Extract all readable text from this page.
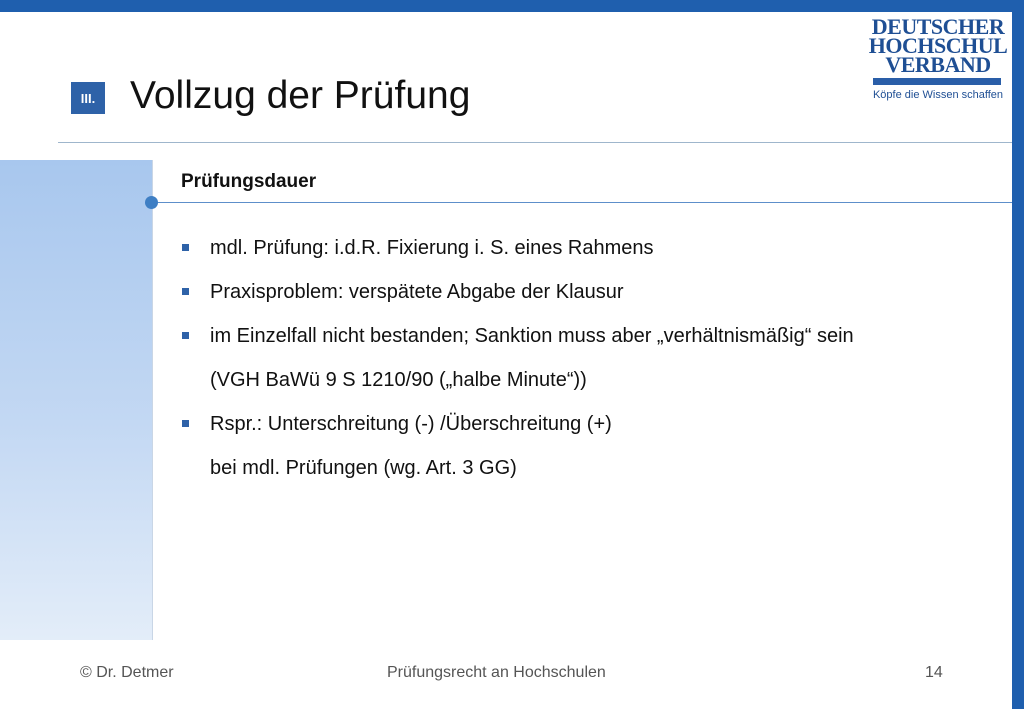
III. Vollzug der Prüfung
DEUTSCHER
HOCHSCHUL
VERBAND
Köpfe die Wissen schaffen
Prüfungsdauer
mdl. Prüfung: i.d.R. Fixierung i. S. eines Rahmens
Praxisproblem: verspätete Abgabe der Klausur
im Einzelfall nicht bestanden; Sanktion muss aber „verhältnismäßig“ sein
(VGH BaWü 9 S 1210/90 („halbe Minute“))
Rspr.: Unterschreitung (-) /Überschreitung (+)
bei mdl. Prüfungen (wg. Art. 3 GG)
© Dr. Detmer	Prüfungsrecht an Hochschulen	14
